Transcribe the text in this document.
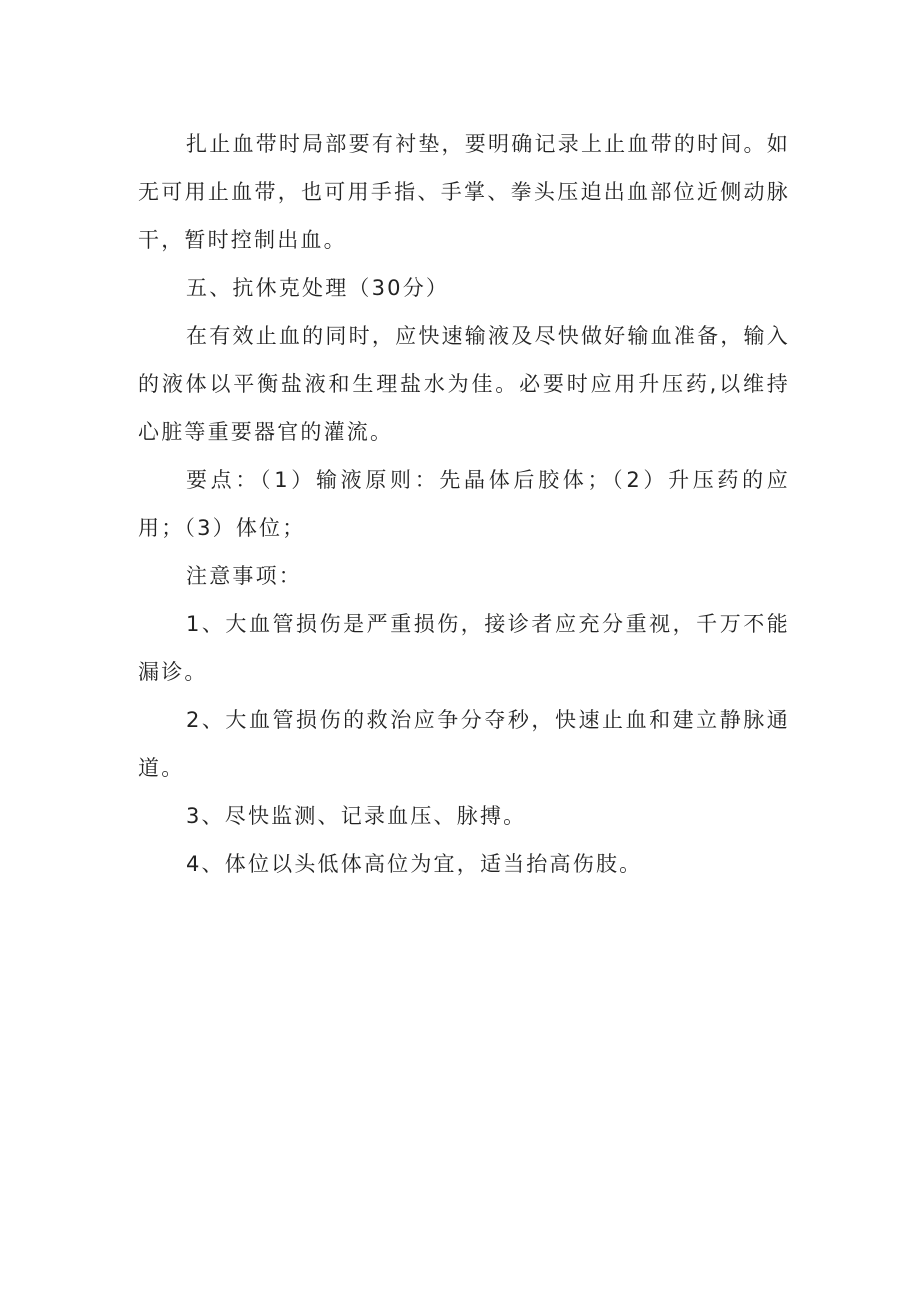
扎止血带时局部要有衬垫，要明确记录上止血带的时间。如无可用止血带，也可用手指、手掌、拳头压迫出血部位近侧动脉干，暂时控制出血。

五、抗休克处理（30分）

在有效止血的同时，应快速输液及尽快做好输血准备，输入的液体以平衡盐液和生理盐水为佳。必要时应用升压药,以维持心脏等重要器官的灌流。

要点：（1）输液原则：先晶体后胶体；（2）升压药的应用；（3）体位；

注意事项：

1、大血管损伤是严重损伤，接诊者应充分重视，千万不能漏诊。

2、大血管损伤的救治应争分夺秒，快速止血和建立静脉通道。

3、尽快监测、记录血压、脉搏。

4、体位以头低体高位为宜，适当抬高伤肢。
